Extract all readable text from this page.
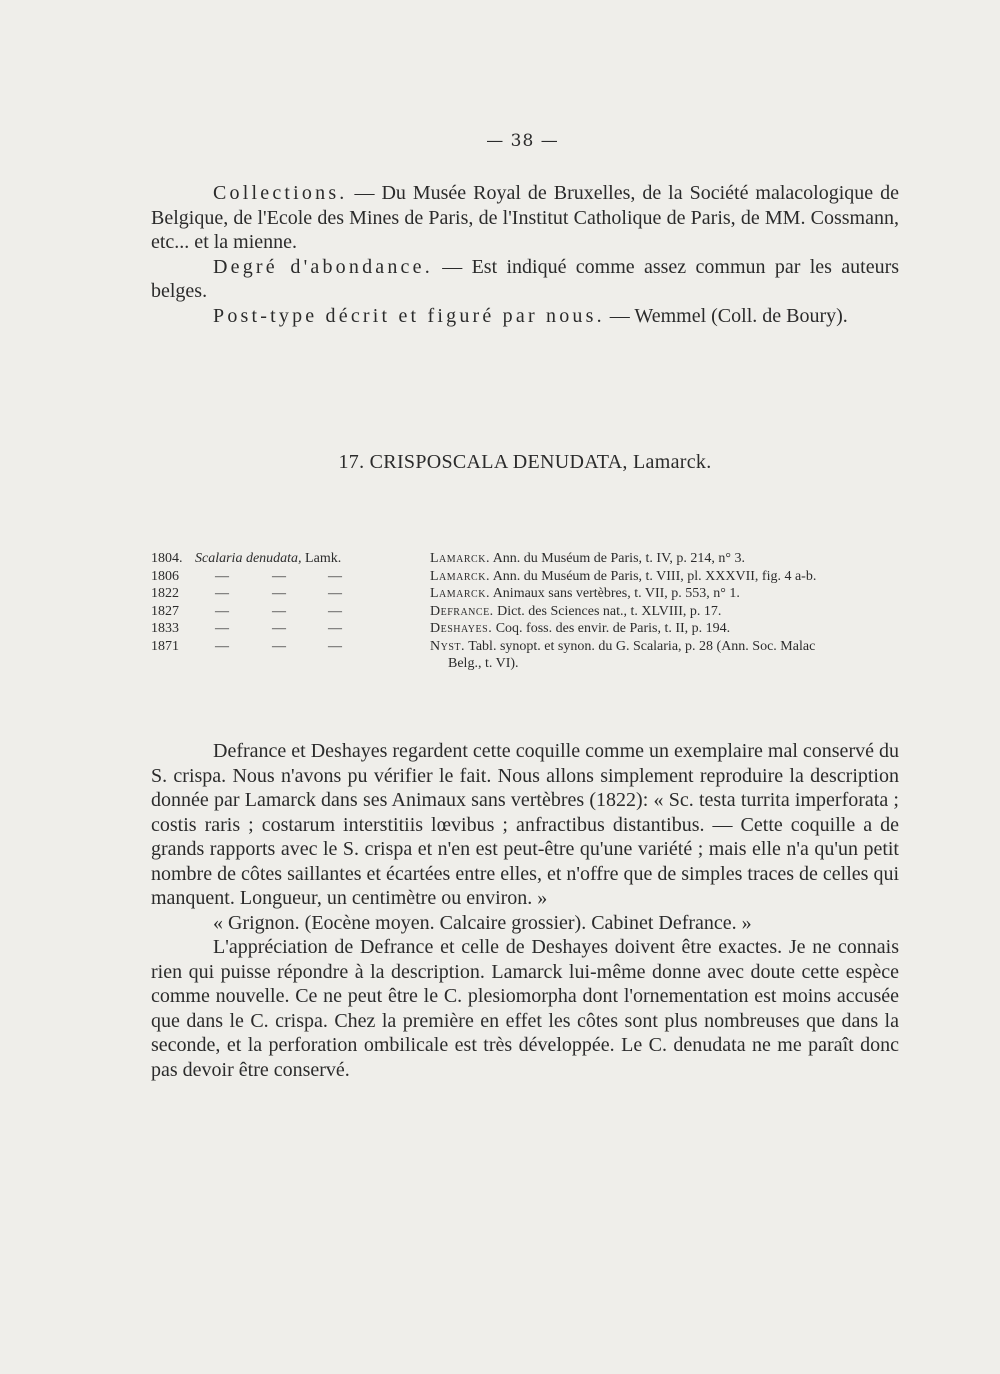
— 38 —

Collections. — Du Musée Royal de Bruxelles, de la Société malacologique de Belgique, de l'Ecole des Mines de Paris, de l'Institut Catholique de Paris, de MM. Cossmann, etc... et la mienne.

Degré d'abondance. — Est indiqué comme assez commun par les auteurs belges.

Post-type décrit et figuré par nous. — Wemmel (Coll. de Boury).

17. CRISPOSCALA DENUDATA, Lamarck.
1804.	Scalaria denudata, Lamk.	Lamarck. Ann. du Muséum de Paris, t. IV, p. 214, n° 3.
1806	— — —	Lamarck. Ann. du Muséum de Paris, t. VIII, pl. XXXVII, fig. 4 a-b.
1822	— — —	Lamarck. Animaux sans vertèbres, t. VII, p. 553, n° 1.
1827	— — —	Defrance. Dict. des Sciences nat., t. XLVIII, p. 17.
1833	— — —	Deshayes. Coq. foss. des envir. de Paris, t. II, p. 194.
1871	— — —	Nyst. Tabl. synopt. et synon. du G. Scalaria, p. 28 (Ann. Soc. Malac
Belg., t. VI).

Defrance et Deshayes regardent cette coquille comme un exemplaire mal conservé du S. crispa. Nous n'avons pu vérifier le fait. Nous allons simplement reproduire la description donnée par Lamarck dans ses Animaux sans vertèbres (1822): « Sc. testa turrita imperforata ; costis raris ; costarum interstitiis lœvibus ; anfractibus distantibus. — Cette coquille a de grands rapports avec le S. crispa et n'en est peut-être qu'une variété ; mais elle n'a qu'un petit nombre de côtes saillantes et écartées entre elles, et n'offre que de simples traces de celles qui manquent. Longueur, un centimètre ou environ. »

« Grignon. (Eocène moyen. Calcaire grossier). Cabinet Defrance. »

L'appréciation de Defrance et celle de Deshayes doivent être exactes. Je ne connais rien qui puisse répondre à la description. Lamarck lui-même donne avec doute cette espèce comme nouvelle. Ce ne peut être le C. plesiomorpha dont l'ornementation est moins accusée que dans le C. crispa. Chez la première en effet les côtes sont plus nombreuses que dans la seconde, et la perforation ombilicale est très développée. Le C. denudata ne me paraît donc pas devoir être conservé.
